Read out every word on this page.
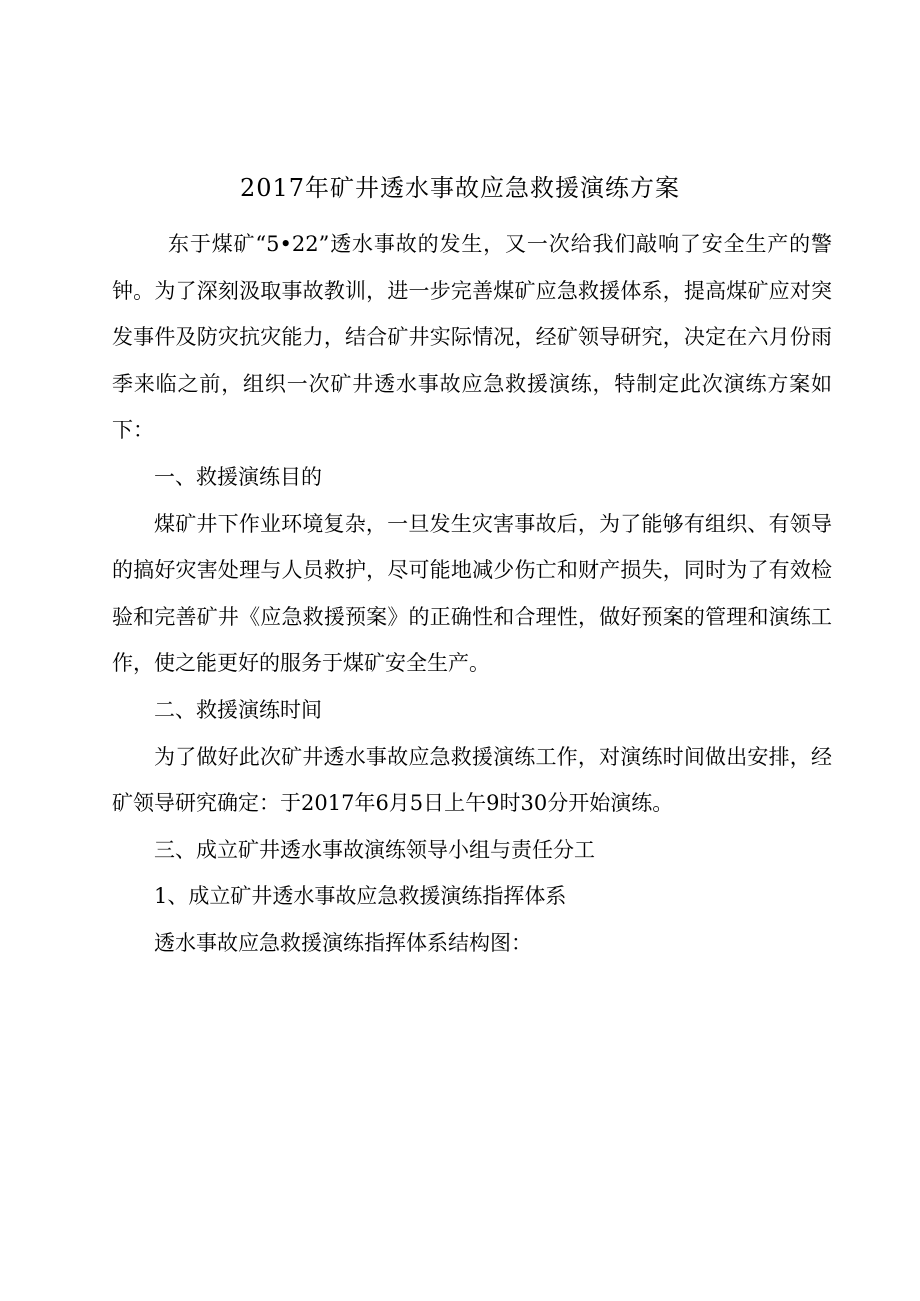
2017年矿井透水事故应急救援演练方案

东于煤矿“5•22”透水事故的发生，又一次给我们敲响了安全生产的警钟。为了深刻汲取事故教训，进一步完善煤矿应急救援体系，提高煤矿应对突发事件及防灾抗灾能力，结合矿井实际情况，经矿领导研究，决定在六月份雨季来临之前，组织一次矿井透水事故应急救援演练，特制定此次演练方案如下：

一、救援演练目的

煤矿井下作业环境复杂，一旦发生灾害事故后，为了能够有组织、有领导的搞好灾害处理与人员救护，尽可能地减少伤亡和财产损失，同时为了有效检验和完善矿井《应急救援预案》的正确性和合理性，做好预案的管理和演练工作，使之能更好的服务于煤矿安全生产。

二、救援演练时间

为了做好此次矿井透水事故应急救援演练工作，对演练时间做出安排，经矿领导研究确定：于2017年6月5日上午9时30分开始演练。

三、成立矿井透水事故演练领导小组与责任分工

1、成立矿井透水事故应急救援演练指挥体系

透水事故应急救援演练指挥体系结构图：
